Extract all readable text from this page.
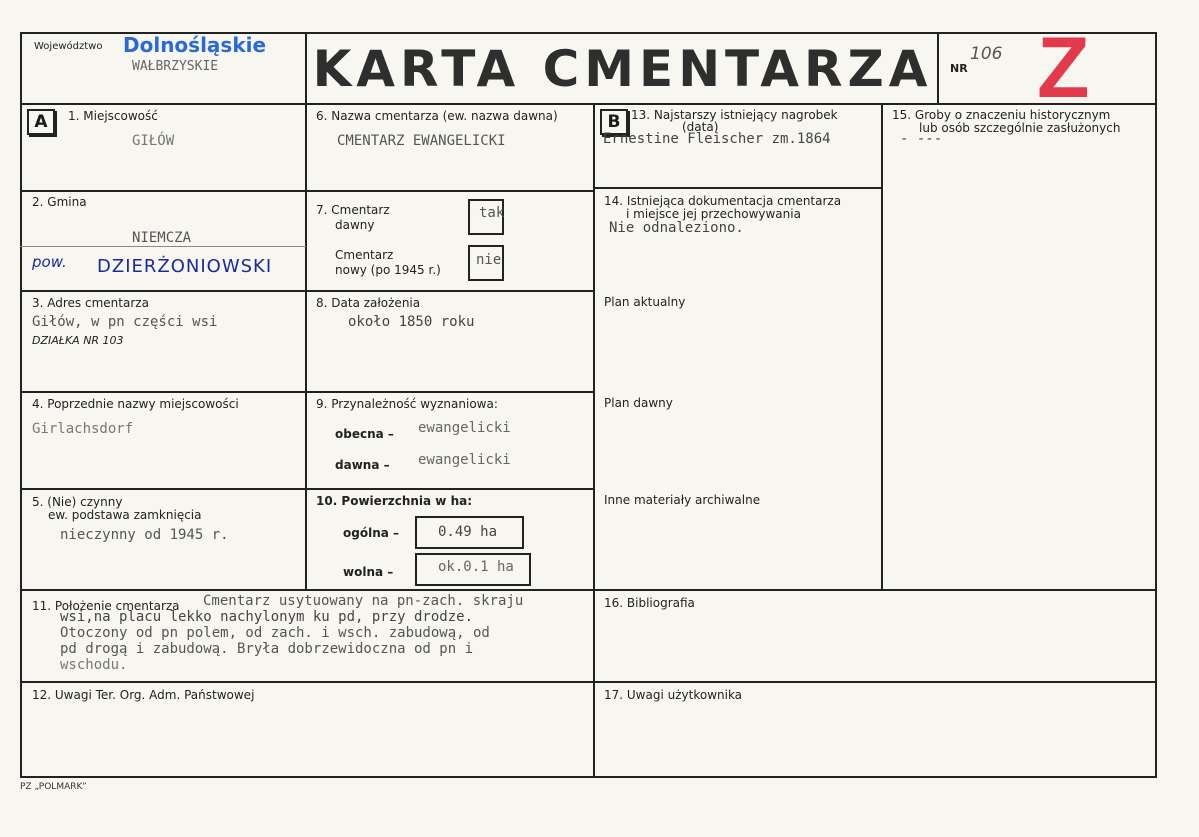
Województwo Dolnośląskie
WAŁBRZYSKIE KARTA CMENTARZA NR
106 Z
A	B
1. Miejscowość
GIŁÓW
2. Gmina
NIEMCZA
pow. DZIERŻONIOWSKI
3. Adres cmentarza
Giłów, w pn części wsi
DZIAŁKA NR 103
4. Poprzednie nazwy miejscowości
Girlachsdorf
5. (Nie) czynny
ew. podstawa zamknięcia
nieczynny od 1945 r.
6. Nazwa cmentarza (ew. nazwa dawna)
CMENTARZ EWANGELICKI
7. Cmentarz
dawny
tak
Cmentarz
nowy (po 1945 r.)
nie
8. Data założenia
około 1850 roku
9. Przynależność wyznaniowa:
obecna – ewangelicki
dawna – ewangelicki
10. Powierzchnia w ha:
ogólna –	0.49 ha
wolna –	ok.0.1 ha
11. Położenie cmentarza Cmentarz usytuowany na pn-zach. skraju
wsi,na placu lekko nachylonym ku pd, przy drodze.
Otoczony od pn polem, od zach. i wsch. zabudową, od
pd drogą i zabudową. Bryła dobrzewidoczna od pn i
wschodu.
12. Uwagi Ter. Org. Adm. Państwowej
13. Najstarszy istniejący nagrobek
(data)
Ernestine Fleischer zm.1864
14. Istniejąca dokumentacja cmentarza
i miejsce jej przechowywania
Nie odnaleziono.
Plan aktualny
Plan dawny
Inne materiały archiwalne
15. Groby o znaczeniu historycznym
lub osób szczególnie zasłużonych
- ---
16. Bibliografia
17. Uwagi użytkownika
PZ „POLMARK”
